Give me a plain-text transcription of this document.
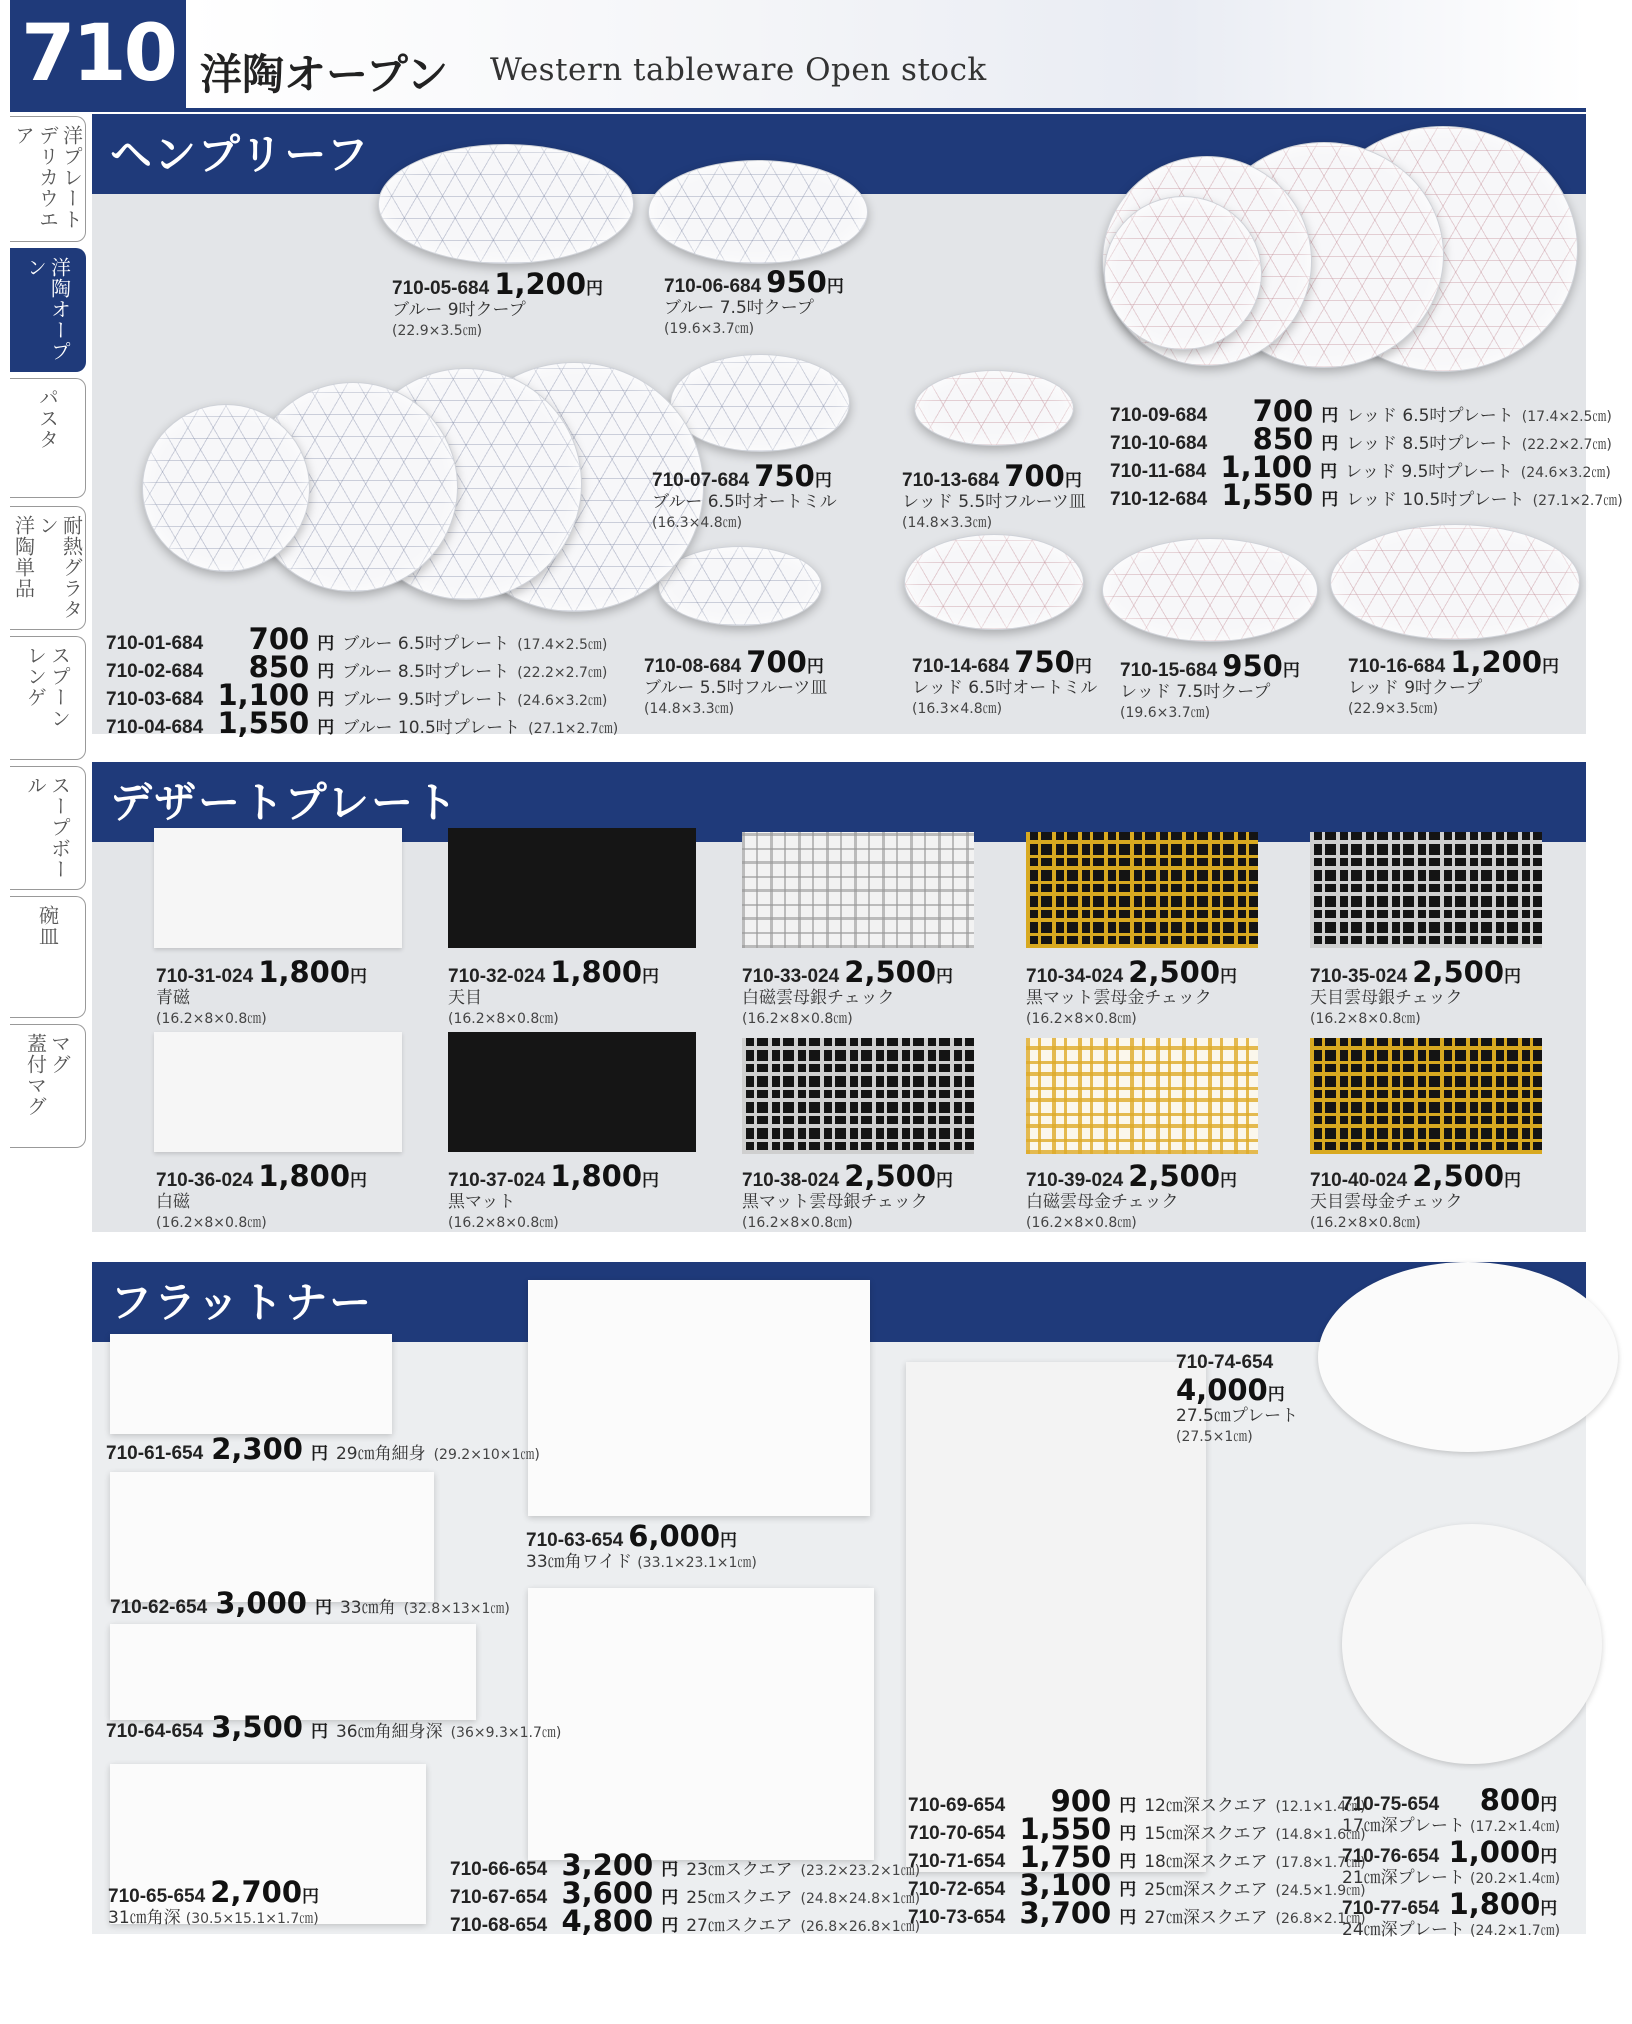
710 洋陶オープン Western tableware Open stock
洋プレート
デリカウエア
洋陶オープン
パスタ
耐熱グラタン
洋陶単品
スプーン
レンゲ
スープボール
碗皿
マグ
蓋付マグ
ヘンプリーフ
710-05-684 1,200円
ブルー 9吋クープ
(22.9×3.5㎝)
710-06-684 950円
ブルー 7.5吋クープ
(19.6×3.7㎝)
710-07-684 750円
ブルー 6.5吋オートミル
(16.3×4.8㎝)
710-13-684 700円
レッド 5.5吋フルーツ皿
(14.8×3.3㎝)
710-08-684 700円
ブルー 5.5吋フルーツ皿
(14.8×3.3㎝)
710-14-684 750円
レッド 6.5吋オートミル
(16.3×4.8㎝)
710-15-684 950円
レッド 7.5吋クープ
(19.6×3.7㎝)
710-16-684 1,200円
レッド 9吋クープ
(22.9×3.5㎝)
710-01-684	700 円 ブルー 6.5吋プレート (17.4×2.5㎝)
710-02-684	850 円 ブルー 8.5吋プレート (22.2×2.7㎝)
710-03-684 1,100 円 ブルー 9.5吋プレート (24.6×3.2㎝)
710-04-684 1,550 円 ブルー 10.5吋プレート (27.1×2.7㎝)
710-09-684	700 円 レッド 6.5吋プレート (17.4×2.5㎝)
710-10-684	850 円 レッド 8.5吋プレート (22.2×2.7㎝)
710-11-684 1,100 円 レッド 9.5吋プレート (24.6×3.2㎝)
710-12-684 1,550 円 レッド 10.5吋プレート (27.1×2.7㎝)
デザートプレート
710-31-024 1,800円
青磁
(16.2×8×0.8㎝)
710-32-024 1,800円
天目
(16.2×8×0.8㎝)
710-33-024 2,500円
白磁雲母銀チェック
(16.2×8×0.8㎝)
710-34-024 2,500円
黒マット雲母金チェック
(16.2×8×0.8㎝)
710-35-024 2,500円
天目雲母銀チェック
(16.2×8×0.8㎝)
710-36-024 1,800円
白磁
(16.2×8×0.8㎝)
710-37-024 1,800円
黒マット
(16.2×8×0.8㎝)
710-38-024 2,500円
黒マット雲母銀チェック
(16.2×8×0.8㎝)
710-39-024 2,500円
白磁雲母金チェック
(16.2×8×0.8㎝)
710-40-024 2,500円
天目雲母金チェック
(16.2×8×0.8㎝)
フラットナー
710-61-654 2,300 円 29㎝角細身 (29.2×10×1㎝)
710-62-654 3,000 円 33㎝角 (32.8×13×1㎝)
710-63-654 6,000円
33㎝角ワイド (33.1×23.1×1㎝)
710-64-654 3,500 円 36㎝角細身深 (36×9.3×1.7㎝)
710-65-654 2,700円
31㎝角深 (30.5×15.1×1.7㎝)
710-74-654
4,000円
27.5㎝プレート
(27.5×1㎝)
710-66-654 3,200 円 23㎝スクエア (23.2×23.2×1㎝)
710-67-654 3,600 円 25㎝スクエア (24.8×24.8×1㎝)
710-68-654 4,800 円 27㎝スクエア (26.8×26.8×1㎝)
710-69-654	900 円 12㎝深スクエア (12.1×1.4㎝)
710-70-654 1,550 円 15㎝深スクエア (14.8×1.6㎝)
710-71-654 1,750 円 18㎝深スクエア (17.8×1.7㎝)
710-72-654 3,100 円 25㎝深スクエア (24.5×1.9㎝)
710-73-654 3,700 円 27㎝深スクエア (26.8×2.1㎝)
710-75-654 800円
17㎝深プレート (17.2×1.4㎝)
710-76-654 1,000円
21㎝深プレート (20.2×1.4㎝)
710-77-654 1,800円
24㎝深プレート (24.2×1.7㎝)
